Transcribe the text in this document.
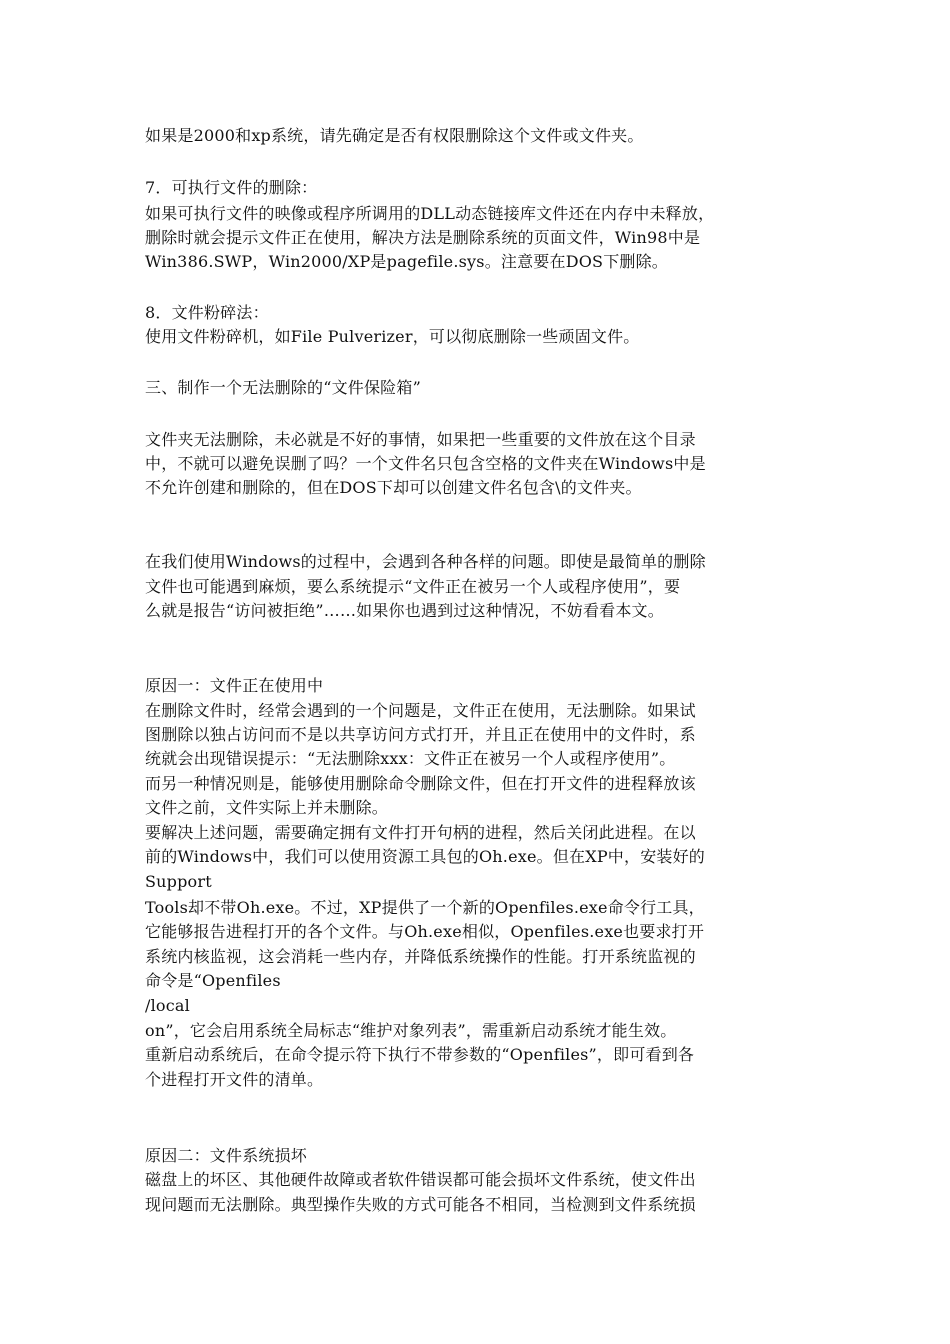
如果是2000和xp系统，请先确定是否有权限删除这个文件或文件夹。
7．可执行文件的删除：
如果可执行文件的映像或程序所调用的DLL动态链接库文件还在内存中未释放，
删除时就会提示文件正在使用，解决方法是删除系统的页面文件，Win98中是
Win386.SWP，Win2000/XP是pagefile.sys。注意要在DOS下删除。
8．文件粉碎法：
使用文件粉碎机，如File Pulverizer，可以彻底删除一些顽固文件。
三、制作一个无法删除的“文件保险箱”
文件夹无法删除，未必就是不好的事情，如果把一些重要的文件放在这个目录
中，不就可以避免误删了吗？一个文件名只包含空格的文件夹在Windows中是
不允许创建和删除的，但在DOS下却可以创建文件名包含\的文件夹。
在我们使用Windows的过程中，会遇到各种各样的问题。即使是最简单的删除
文件也可能遇到麻烦，要么系统提示“文件正在被另一个人或程序使用”，要
么就是报告“访问被拒绝”……如果你也遇到过这种情况，不妨看看本文。
原因一：文件正在使用中
在删除文件时，经常会遇到的一个问题是，文件正在使用，无法删除。如果试
图删除以独占访问而不是以共享访问方式打开，并且正在使用中的文件时，系
统就会出现错误提示：“无法删除xxx：文件正在被另一个人或程序使用”。
而另一种情况则是，能够使用删除命令删除文件，但在打开文件的进程释放该
文件之前，文件实际上并未删除。
要解决上述问题，需要确定拥有文件打开句柄的进程，然后关闭此进程。在以
前的Windows中，我们可以使用资源工具包的Oh.exe。但在XP中，安装好的
Support
Tools却不带Oh.exe。不过，XP提供了一个新的Openfiles.exe命令行工具，
它能够报告进程打开的各个文件。与Oh.exe相似，Openfiles.exe也要求打开
系统内核监视，这会消耗一些内存，并降低系统操作的性能。打开系统监视的
命令是“Openfiles
/local
on”，它会启用系统全局标志“维护对象列表”，需重新启动系统才能生效。
重新启动系统后，在命令提示符下执行不带参数的“Openfiles”，即可看到各
个进程打开文件的清单。
原因二：文件系统损坏
磁盘上的坏区、其他硬件故障或者软件错误都可能会损坏文件系统，使文件出
现问题而无法删除。典型操作失败的方式可能各不相同，当检测到文件系统损
